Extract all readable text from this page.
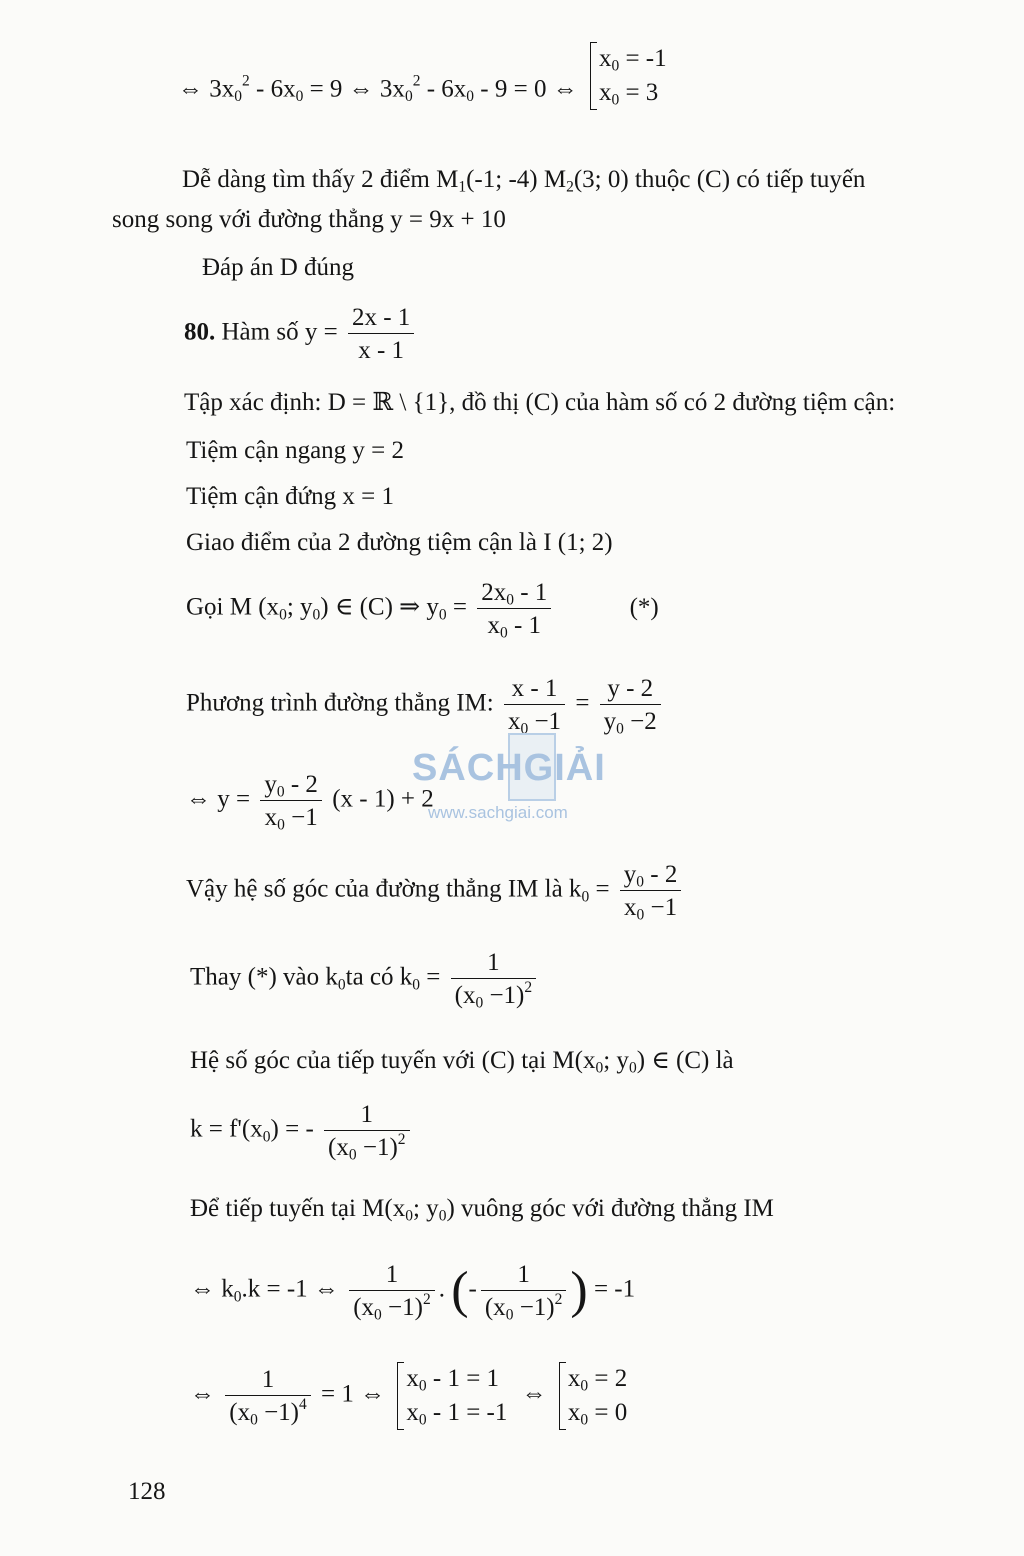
⇔ $3x_0^2 - 6x_0 = 9$ ⇔ $3x_0^2 - 6x_0 - 9 = 0$ ⇔
$x_0 = -1$
$x_0 = 3$
Dễ dàng tìm thấy 2 điểm $M_1(-1$; -4) $M_2(3$; 0) thuộc (C) có tiếp tuyến
song song với đường thẳng y = 9x + 10
Đáp án D đúng
80. Hàm số $y = \frac{2x - 1}{x - 1}$
Tập xác định: D = ℝ \ {1}, đồ thị (C) của hàm số có 2 đường tiệm cận:
Tiệm cận ngang y = 2
Tiệm cận đứng x = 1
Giao điểm của 2 đường tiệm cận là I (1; 2)
Gọi M ($x_0$; $y_0$) ∈ (C) ⇒ $y_0 = \frac{2x_0 - 1}{x_0 - 1}$	(*)
Phương trình đường thẳng IM: $\frac{x - 1}{x_0 -1} = \frac{y - 2}{y_0 -2}$
⇔ $y = \frac{y_0 - 2}{x_0 -1} (x - 1) + 2$
Vậy hệ số góc của đường thẳng IM là $k_0 = \frac{y_0 - 2}{x_0 -1}$
Thay (*) vào $k_0ta$ có $k_0 = \frac{1}{(x_0 -1)^2}$
Hệ số góc của tiếp tuyến với (C) tại $M(x_0$; $y_0$) ∈ (C) là
$k = f'(x_0)$ = - $\frac{1}{(x_0 -1)^2}$
Để tiếp tuyến tại $M(x_0$; $y_0$) vuông góc với đường thẳng IM
⇔ $k_0.k = -1$ ⇔ $\frac{1}{(x_0 -1)^2}$ . (- $\frac{1}{(x_0 -1)^2}$ ) = -1
⇔ $\frac{1}{(x_0 -1)^4} = 1$ ⇔
$x_0 - 1 = 1$
$x_0 - 1 = -1$
⇔
$x_0 = 2$
$x_0 = 0$
SÁCHGIẢI
www.sachgiai.com
128
